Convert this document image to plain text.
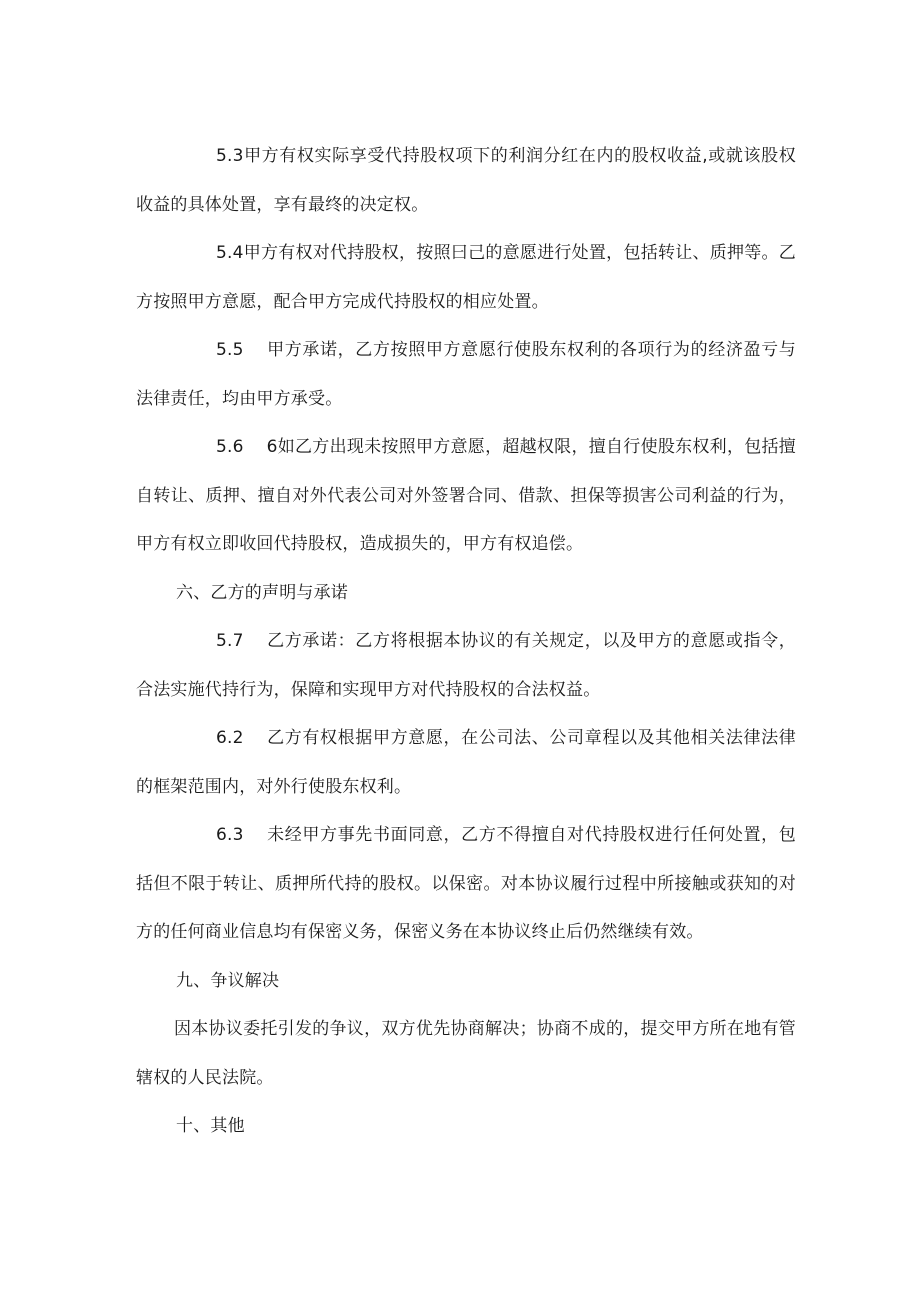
5.3甲方有权实际享受代持股权项下的利润分红在内的股权收益,或就该股权收益的具体处置，享有最终的决定权。

5.4甲方有权对代持股权，按照曰己的意愿进行处置，包括转让、质押等。乙方按照甲方意愿，配合甲方完成代持股权的相应处置。

5.5 甲方承诺，乙方按照甲方意愿行使股东权利的各项行为的经济盈亏与法律责任，均由甲方承受。

5.6 6如乙方出现未按照甲方意愿，超越权限，擅自行使股东权利，包括擅自转让、质押、擅自对外代表公司对外签署合同、借款、担保等损害公司利益的行为，甲方有权立即收回代持股权，造成损失的，甲方有权追偿。

六、乙方的声明与承诺

5.7 乙方承诺：乙方将根据本协议的有关规定，以及甲方的意愿或指令，合法实施代持行为，保障和实现甲方对代持股权的合法权益。

6.2 乙方有权根据甲方意愿，在公司法、公司章程以及其他相关法律法律的框架范围内，对外行使股东权利。

6.3 未经甲方事先书面同意，乙方不得擅自对代持股权进行任何处置，包括但不限于转让、质押所代持的股权。以保密。对本协议履行过程中所接触或获知的对方的任何商业信息均有保密义务，保密义务在本协议终止后仍然继续有效。

九、争议解决

因本协议委托引发的争议，双方优先协商解决；协商不成的，提交甲方所在地有管辖权的人民法院。

十、其他
